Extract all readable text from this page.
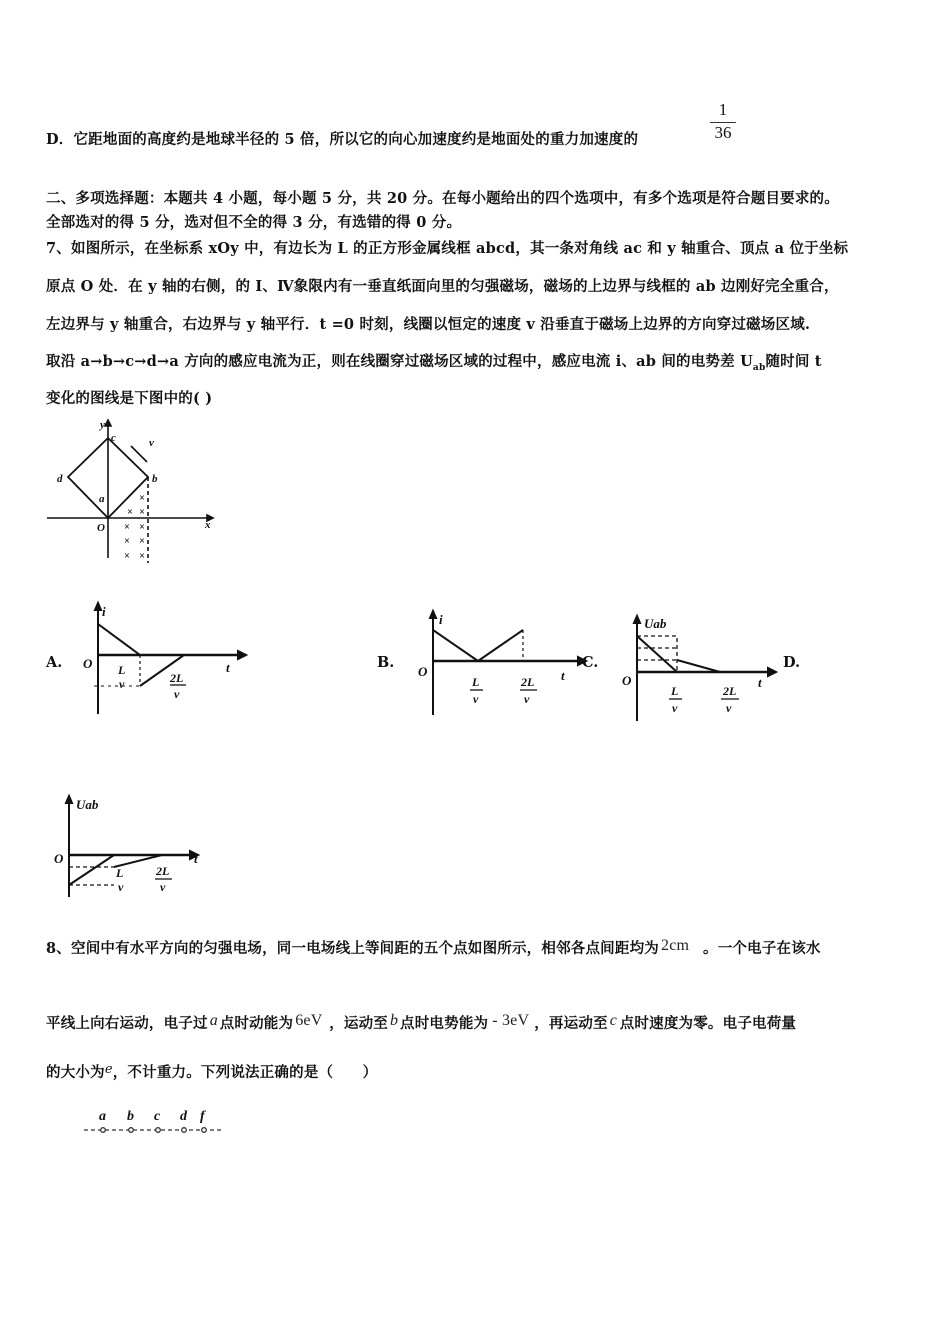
D．它距地面的高度约是地球半径的 5 倍，所以它的向心加速度约是地面处的重力加速度的	$\frac{1}{36}$
二、多项选择题：本题共 4 小题，每小题 5 分，共 20 分。在每小题给出的四个选项中，有多个选项是符合题目要求的。
全部选对的得 5 分，选对但不全的得 3 分，有选错的得 0 分。
7、如图所示，在坐标系 xOy 中，有边长为 L 的正方形金属线框 abcd，其一条对角线 ac 和 y 轴重合、顶点 a 位于坐标
原点 O 处．在 y 轴的右侧，的 I、Ⅳ象限内有一垂直纸面向里的匀强磁场，磁场的上边界与线框的 ab 边刚好完全重合，
左边界与 y 轴重合，右边界与 y 轴平行．t =0 时刻，线圈以恒定的速度 v 沿垂直于磁场上边界的方向穿过磁场区域.
取沿 a→b→c→d→a 方向的感应电流为正，则在线圈穿过磁场区域的过程中，感应电流 i、ab 间的电势差 $U_{ab}$随时间 t
变化的图线是下图中的( )
y
c	v
b
d
a
O	x
×
× ×
× ×
× ×
× ×
A.
i
O	t
L
v	2L
v
B.
i
O	t
L
v
2L
v
C.
Uab
O	t
L
v
2L
v
D.
Uab
O	t
L
v
2L
v
8、空间中有水平方向的匀强电场，同一电场线上等间距的五个点如图所示，相邻各点间距均为 2cm 。一个电子在该水
平线上向右运动，电子过 a 点时动能为 6eV ，运动至 b 点时电势能为 - 3eV ，再运动至 c 点时速度为零。电子电荷量
的大小为e，不计重力。下列说法正确的是（　　）
a b c d f
